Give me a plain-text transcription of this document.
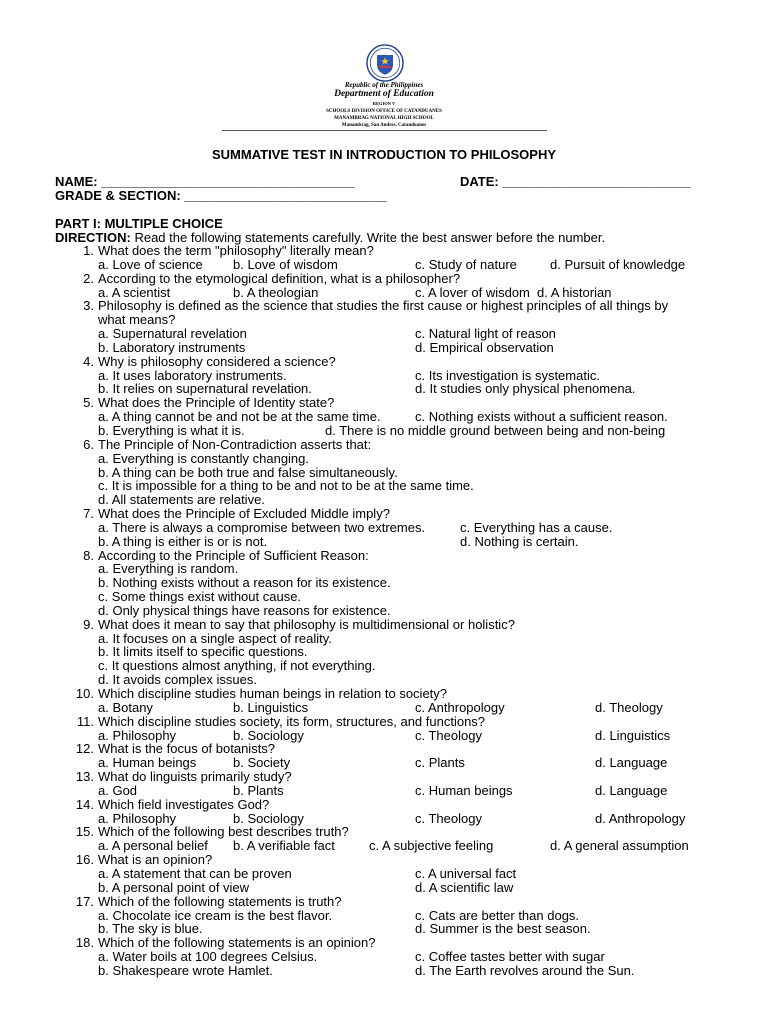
Republic of the Philippines
Department of Education
REGION V
SCHOOLS DIVISION OFFICE OF CATANDUANES
MANAMBRAG NATIONAL HIGH SCHOOL
Manambrag, San Andres, Catanduanes
SUMMATIVE TEST IN INTRODUCTION TO PHILOSOPHY
NAME: ___________________________________	DATE: __________________________
GRADE & SECTION: ____________________________
PART I: MULTIPLE CHOICE
DIRECTION: Read the following statements carefully. Write the best answer before the number.
1. What does the term "philosophy" literally mean?
a. Love of science b. Love of wisdom	c. Study of nature	d. Pursuit of knowledge
2. According to the etymological definition, what is a philosopher?
a. A scientist	b. A theologian	c. A lover of wisdom d. A historian
3. Philosophy is defined as the science that studies the first cause or highest principles of all things by
what means?
a. Supernatural revelation	c. Natural light of reason
b. Laboratory instruments	d. Empirical observation
4. Why is philosophy considered a science?
a. It uses laboratory instruments.	c. Its investigation is systematic.
b. It relies on supernatural revelation.	d. It studies only physical phenomena.
5. What does the Principle of Identity state?
a. A thing cannot be and not be at the same time.	c. Nothing exists without a sufficient reason.
b. Everything is what it is.	d. There is no middle ground between being and non-being
6. The Principle of Non-Contradiction asserts that:
a. Everything is constantly changing.
b. A thing can be both true and false simultaneously.
c. It is impossible for a thing to be and not to be at the same time.
d. All statements are relative.
7. What does the Principle of Excluded Middle imply?
a. There is always a compromise between two extremes.	c. Everything has a cause.
b. A thing is either is or is not.	d. Nothing is certain.
8. According to the Principle of Sufficient Reason:
a. Everything is random.
b. Nothing exists without a reason for its existence.
c. Some things exist without cause.
d. Only physical things have reasons for existence.
9. What does it mean to say that philosophy is multidimensional or holistic?
a. It focuses on a single aspect of reality.
b. It limits itself to specific questions.
c. It questions almost anything, if not everything.
d. It avoids complex issues.
10. Which discipline studies human beings in relation to society?
a. Botany	b. Linguistics	c. Anthropology	d. Theology
11. Which discipline studies society, its form, structures, and functions?
a. Philosophy	b. Sociology	c. Theology	d. Linguistics
12. What is the focus of botanists?
a. Human beings	b. Society	c. Plants	d. Language
13. What do linguists primarily study?
a. God	b. Plants	c. Human beings	d. Language
14. Which field investigates God?
a. Philosophy	b. Sociology	c. Theology	d. Anthropology
15. Which of the following best describes truth?
a. A personal belief b. A verifiable fact	c. A subjective feeling	d. A general assumption
16. What is an opinion?
a. A statement that can be proven	c. A universal fact
b. A personal point of view	d. A scientific law
17. Which of the following statements is truth?
a. Chocolate ice cream is the best flavor.	c. Cats are better than dogs.
b. The sky is blue.	d. Summer is the best season.
18. Which of the following statements is an opinion?
a. Water boils at 100 degrees Celsius.	c. Coffee tastes better with sugar
b. Shakespeare wrote Hamlet.	d. The Earth revolves around the Sun.
